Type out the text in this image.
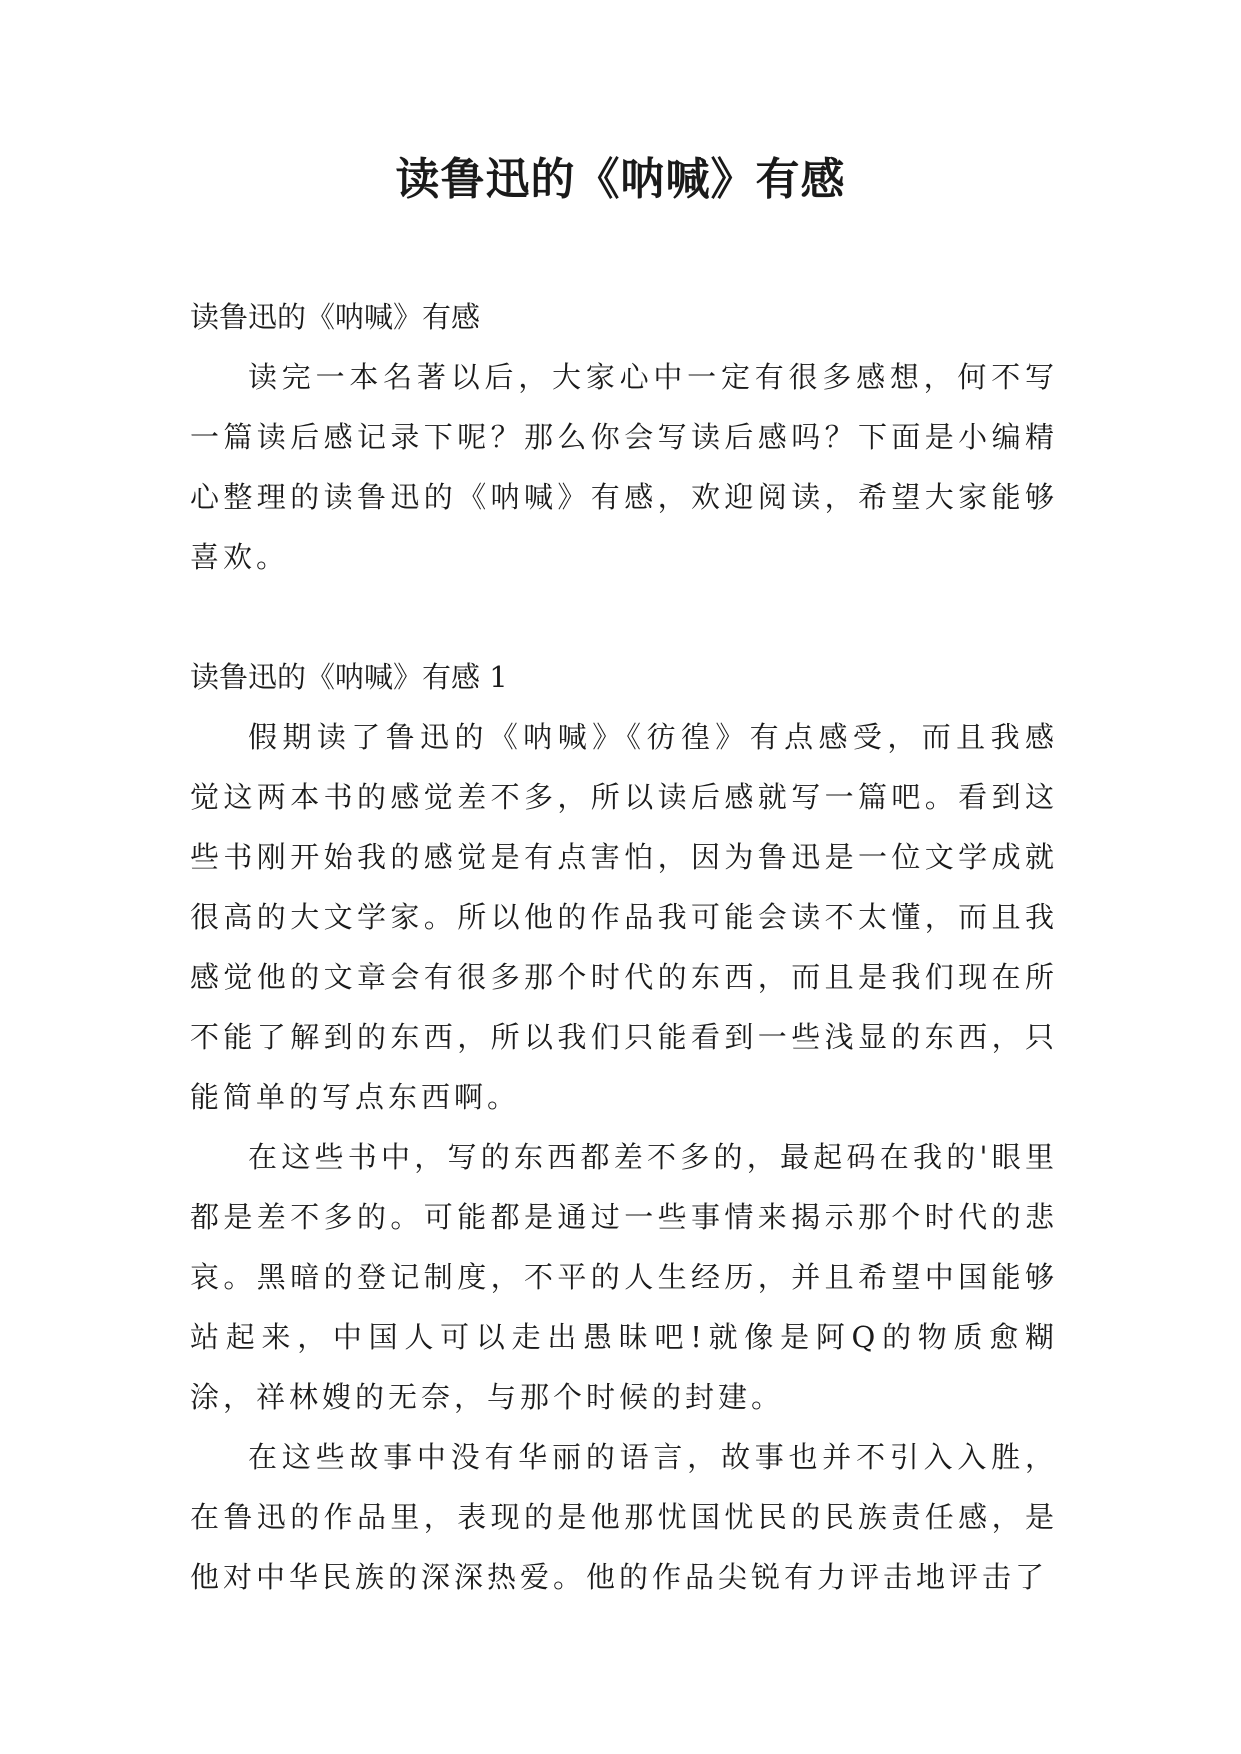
读鲁迅的《呐喊》有感

读鲁迅的《呐喊》有感

读完一本名著以后，大家心中一定有很多感想，何不写一篇读后感记录下呢？那么你会写读后感吗？下面是小编精心整理的读鲁迅的《呐喊》有感，欢迎阅读，希望大家能够喜欢。

读鲁迅的《呐喊》有感 1

假期读了鲁迅的《呐喊》《彷徨》有点感受，而且我感觉这两本书的感觉差不多，所以读后感就写一篇吧。看到这些书刚开始我的感觉是有点害怕，因为鲁迅是一位文学成就很高的大文学家。所以他的作品我可能会读不太懂，而且我感觉他的文章会有很多那个时代的东西，而且是我们现在所不能了解到的东西，所以我们只能看到一些浅显的东西，只能简单的写点东西啊。

在这些书中，写的东西都差不多的，最起码在我的'眼里都是差不多的。可能都是通过一些事情来揭示那个时代的悲哀。黑暗的登记制度，不平的人生经历，并且希望中国能够站起来，中国人可以走出愚昧吧!就像是阿Q的物质愈糊涂，祥林嫂的无奈，与那个时候的封建。

在这些故事中没有华丽的语言，故事也并不引入入胜，在鲁迅的作品里，表现的是他那忧国忧民的民族责任感，是他对中华民族的深深热爱。他的作品尖锐有力评击地评击了
